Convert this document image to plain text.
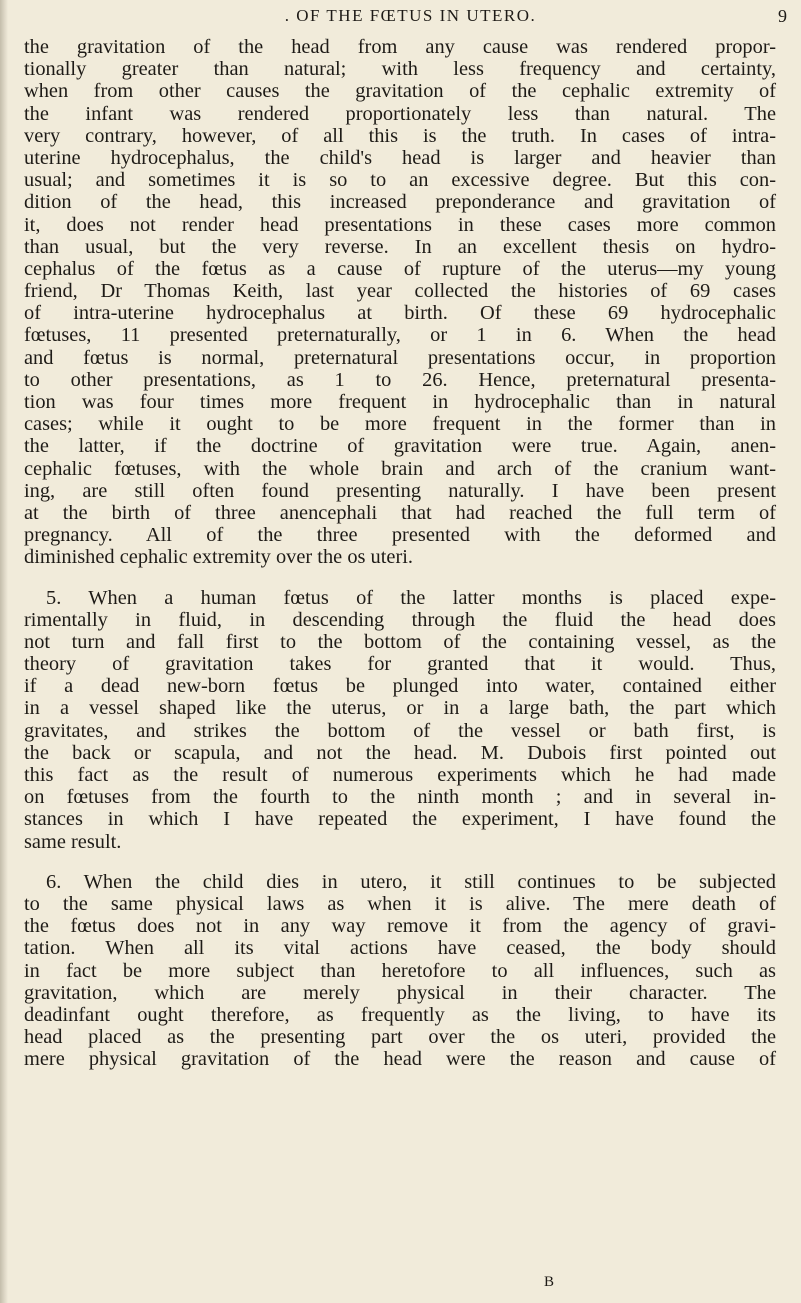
. OF THE FŒTUS IN UTERO.	9
the gravitation of the head from any cause was rendered propor-
tionally greater than natural; with less frequency and certainty,
when from other causes the gravitation of the cephalic extremity of
the infant was rendered proportionately less than natural. The
very contrary, however, of all this is the truth. In cases of intra-
uterine hydrocephalus, the child's head is larger and heavier than
usual; and sometimes it is so to an excessive degree. But this con-
dition of the head, this increased preponderance and gravitation of
it, does not render head presentations in these cases more common
than usual, but the very reverse. In an excellent thesis on hydro-
cephalus of the fœtus as a cause of rupture of the uterus—my young
friend, Dr Thomas Keith, last year collected the histories of 69 cases
of intra-uterine hydrocephalus at birth. Of these 69 hydrocephalic
fœtuses, 11 presented preternaturally, or 1 in 6. When the head
and fœtus is normal, preternatural presentations occur, in proportion
to other presentations, as 1 to 26. Hence, preternatural presenta-
tion was four times more frequent in hydrocephalic than in natural
cases; while it ought to be more frequent in the former than in
the latter, if the doctrine of gravitation were true. Again, anen-
cephalic fœtuses, with the whole brain and arch of the cranium want-
ing, are still often found presenting naturally. I have been present
at the birth of three anencephali that had reached the full term of
pregnancy. All of the three presented with the deformed and
diminished cephalic extremity over the os uteri.
5. When a human fœtus of the latter months is placed expe-
rimentally in fluid, in descending through the fluid the head does
not turn and fall first to the bottom of the containing vessel, as the
theory of gravitation takes for granted that it would. Thus,
if a dead new-born fœtus be plunged into water, contained either
in a vessel shaped like the uterus, or in a large bath, the part which
gravitates, and strikes the bottom of the vessel or bath first, is
the back or scapula, and not the head. M. Dubois first pointed out
this fact as the result of numerous experiments which he had made
on fœtuses from the fourth to the ninth month ; and in several in-
stances in which I have repeated the experiment, I have found the
same result.
6. When the child dies in utero, it still continues to be subjected
to the same physical laws as when it is alive. The mere death of
the fœtus does not in any way remove it from the agency of gravi-
tation. When all its vital actions have ceased, the body should
in fact be more subject than heretofore to all influences, such as
gravitation, which are merely physical in their character. The
deadinfant ought therefore, as frequently as the living, to have its
head placed as the presenting part over the os uteri, provided the
mere physical gravitation of the head were the reason and cause of
B
